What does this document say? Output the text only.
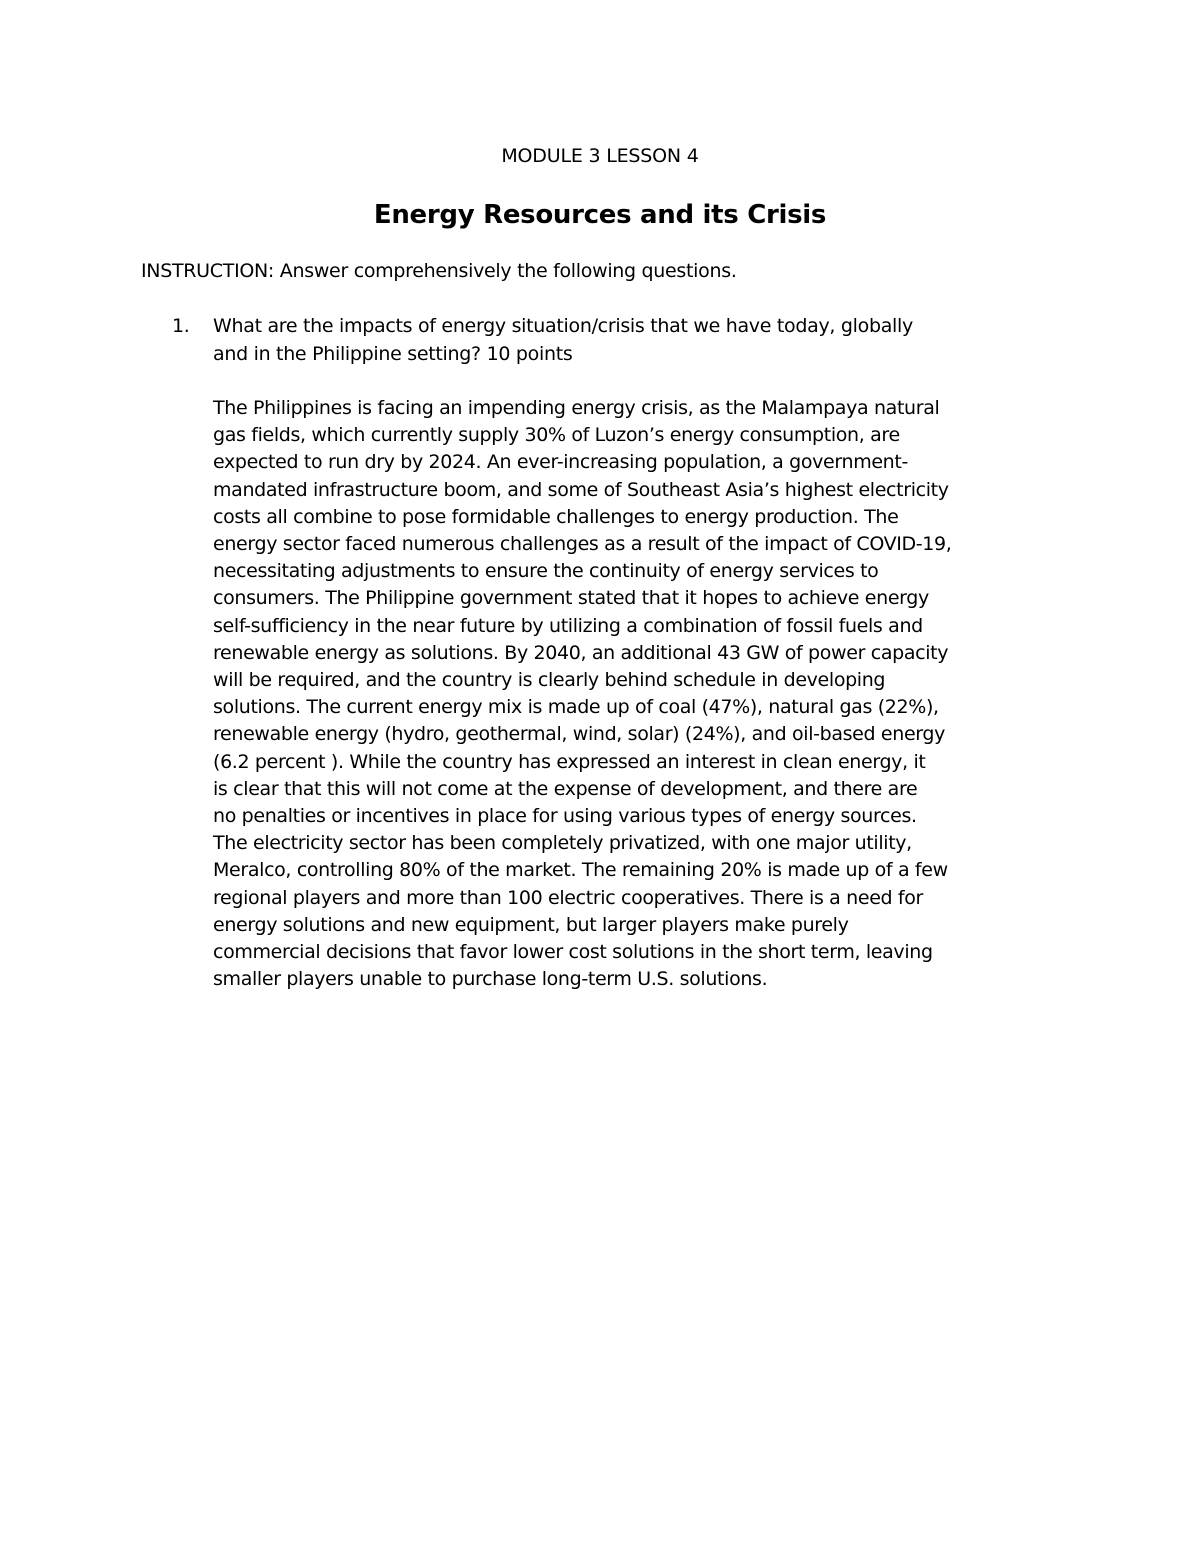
MODULE 3 LESSON 4
Energy Resources and its Crisis
INSTRUCTION: Answer comprehensively the following questions.
1. What are the impacts of energy situation/crisis that we have today, globally
and in the Philippine setting? 10 points
The Philippines is facing an impending energy crisis, as the Malampaya natural
gas fields, which currently supply 30% of Luzon’s energy consumption, are
expected to run dry by 2024. An ever-increasing population, a government-
mandated infrastructure boom, and some of Southeast Asia’s highest electricity
costs all combine to pose formidable challenges to energy production. The
energy sector faced numerous challenges as a result of the impact of COVID-19,
necessitating adjustments to ensure the continuity of energy services to
consumers. The Philippine government stated that it hopes to achieve energy
self-sufficiency in the near future by utilizing a combination of fossil fuels and
renewable energy as solutions. By 2040, an additional 43 GW of power capacity
will be required, and the country is clearly behind schedule in developing
solutions. The current energy mix is made up of coal (47%), natural gas (22%),
renewable energy (hydro, geothermal, wind, solar) (24%), and oil-based energy
(6.2 percent ). While the country has expressed an interest in clean energy, it
is clear that this will not come at the expense of development, and there are
no penalties or incentives in place for using various types of energy sources.
The electricity sector has been completely privatized, with one major utility,
Meralco, controlling 80% of the market. The remaining 20% is made up of a few
regional players and more than 100 electric cooperatives. There is a need for
energy solutions and new equipment, but larger players make purely
commercial decisions that favor lower cost solutions in the short term, leaving
smaller players unable to purchase long-term U.S. solutions.
